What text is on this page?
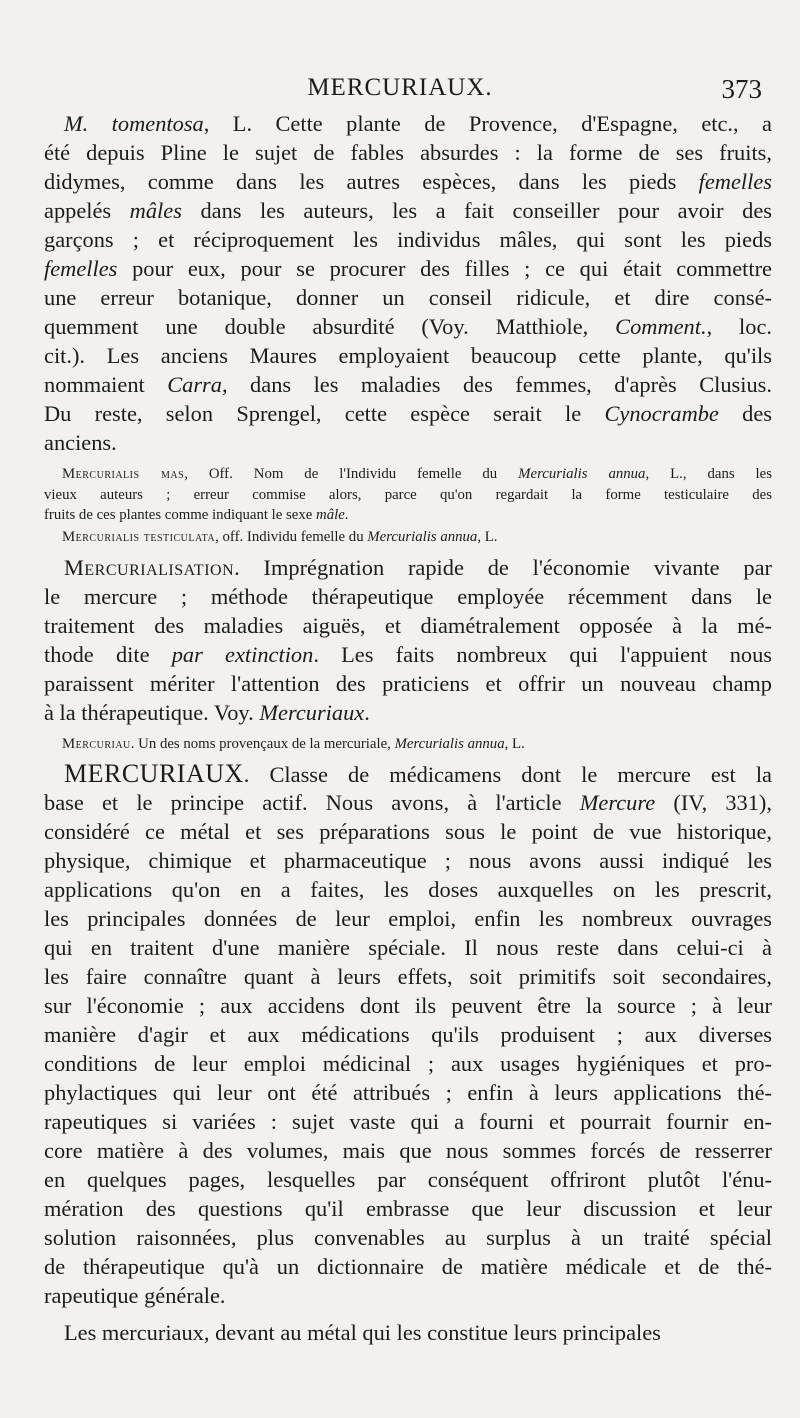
MERCURIAUX.	373
M. tomentosa, L. Cette plante de Provence, d'Espagne, etc., a
été depuis Pline le sujet de fables absurdes : la forme de ses fruits,
didymes, comme dans les autres espèces, dans les pieds femelles
appelés mâles dans les auteurs, les a fait conseiller pour avoir des
garçons ; et réciproquement les individus mâles, qui sont les pieds
femelles pour eux, pour se procurer des filles ; ce qui était commettre
une erreur botanique, donner un conseil ridicule, et dire consé-
quemment une double absurdité (Voy. Matthiole, Comment., loc.
cit.). Les anciens Maures employaient beaucoup cette plante, qu'ils
nommaient Carra, dans les maladies des femmes, d'après Clusius.
Du reste, selon Sprengel, cette espèce serait le Cynocrambe des
anciens.
Mercurialis mas, Off. Nom de l'Individu femelle du Mercurialis annua, L., dans les
vieux auteurs ; erreur commise alors, parce qu'on regardait la forme testiculaire des
fruits de ces plantes comme indiquant le sexe mâle.
Mercurialis testiculata, off. Individu femelle du Mercurialis annua, L.
Mercurialisation. Imprégnation rapide de l'économie vivante par
le mercure ; méthode thérapeutique employée récemment dans le
traitement des maladies aiguës, et diamétralement opposée à la mé-
thode dite par extinction. Les faits nombreux qui l'appuient nous
paraissent mériter l'attention des praticiens et offrir un nouveau champ
à la thérapeutique. Voy. Mercuriaux.
Mercuriau. Un des noms provençaux de la mercuriale, Mercurialis annua, L.
MERCURIAUX. Classe de médicamens dont le mercure est la
base et le principe actif. Nous avons, à l'article Mercure (IV, 331),
considéré ce métal et ses préparations sous le point de vue historique,
physique, chimique et pharmaceutique ; nous avons aussi indiqué les
applications qu'on en a faites, les doses auxquelles on les prescrit,
les principales données de leur emploi, enfin les nombreux ouvrages
qui en traitent d'une manière spéciale. Il nous reste dans celui-ci à
les faire connaître quant à leurs effets, soit primitifs soit secondaires,
sur l'économie ; aux accidens dont ils peuvent être la source ; à leur
manière d'agir et aux médications qu'ils produisent ; aux diverses
conditions de leur emploi médicinal ; aux usages hygiéniques et pro-
phylactiques qui leur ont été attribués ; enfin à leurs applications thé-
rapeutiques si variées : sujet vaste qui a fourni et pourrait fournir en-
core matière à des volumes, mais que nous sommes forcés de resserrer
en quelques pages, lesquelles par conséquent offriront plutôt l'énu-
mération des questions qu'il embrasse que leur discussion et leur
solution raisonnées, plus convenables au surplus à un traité spécial
de thérapeutique qu'à un dictionnaire de matière médicale et de thé-
rapeutique générale.
Les mercuriaux, devant au métal qui les constitue leurs principales
